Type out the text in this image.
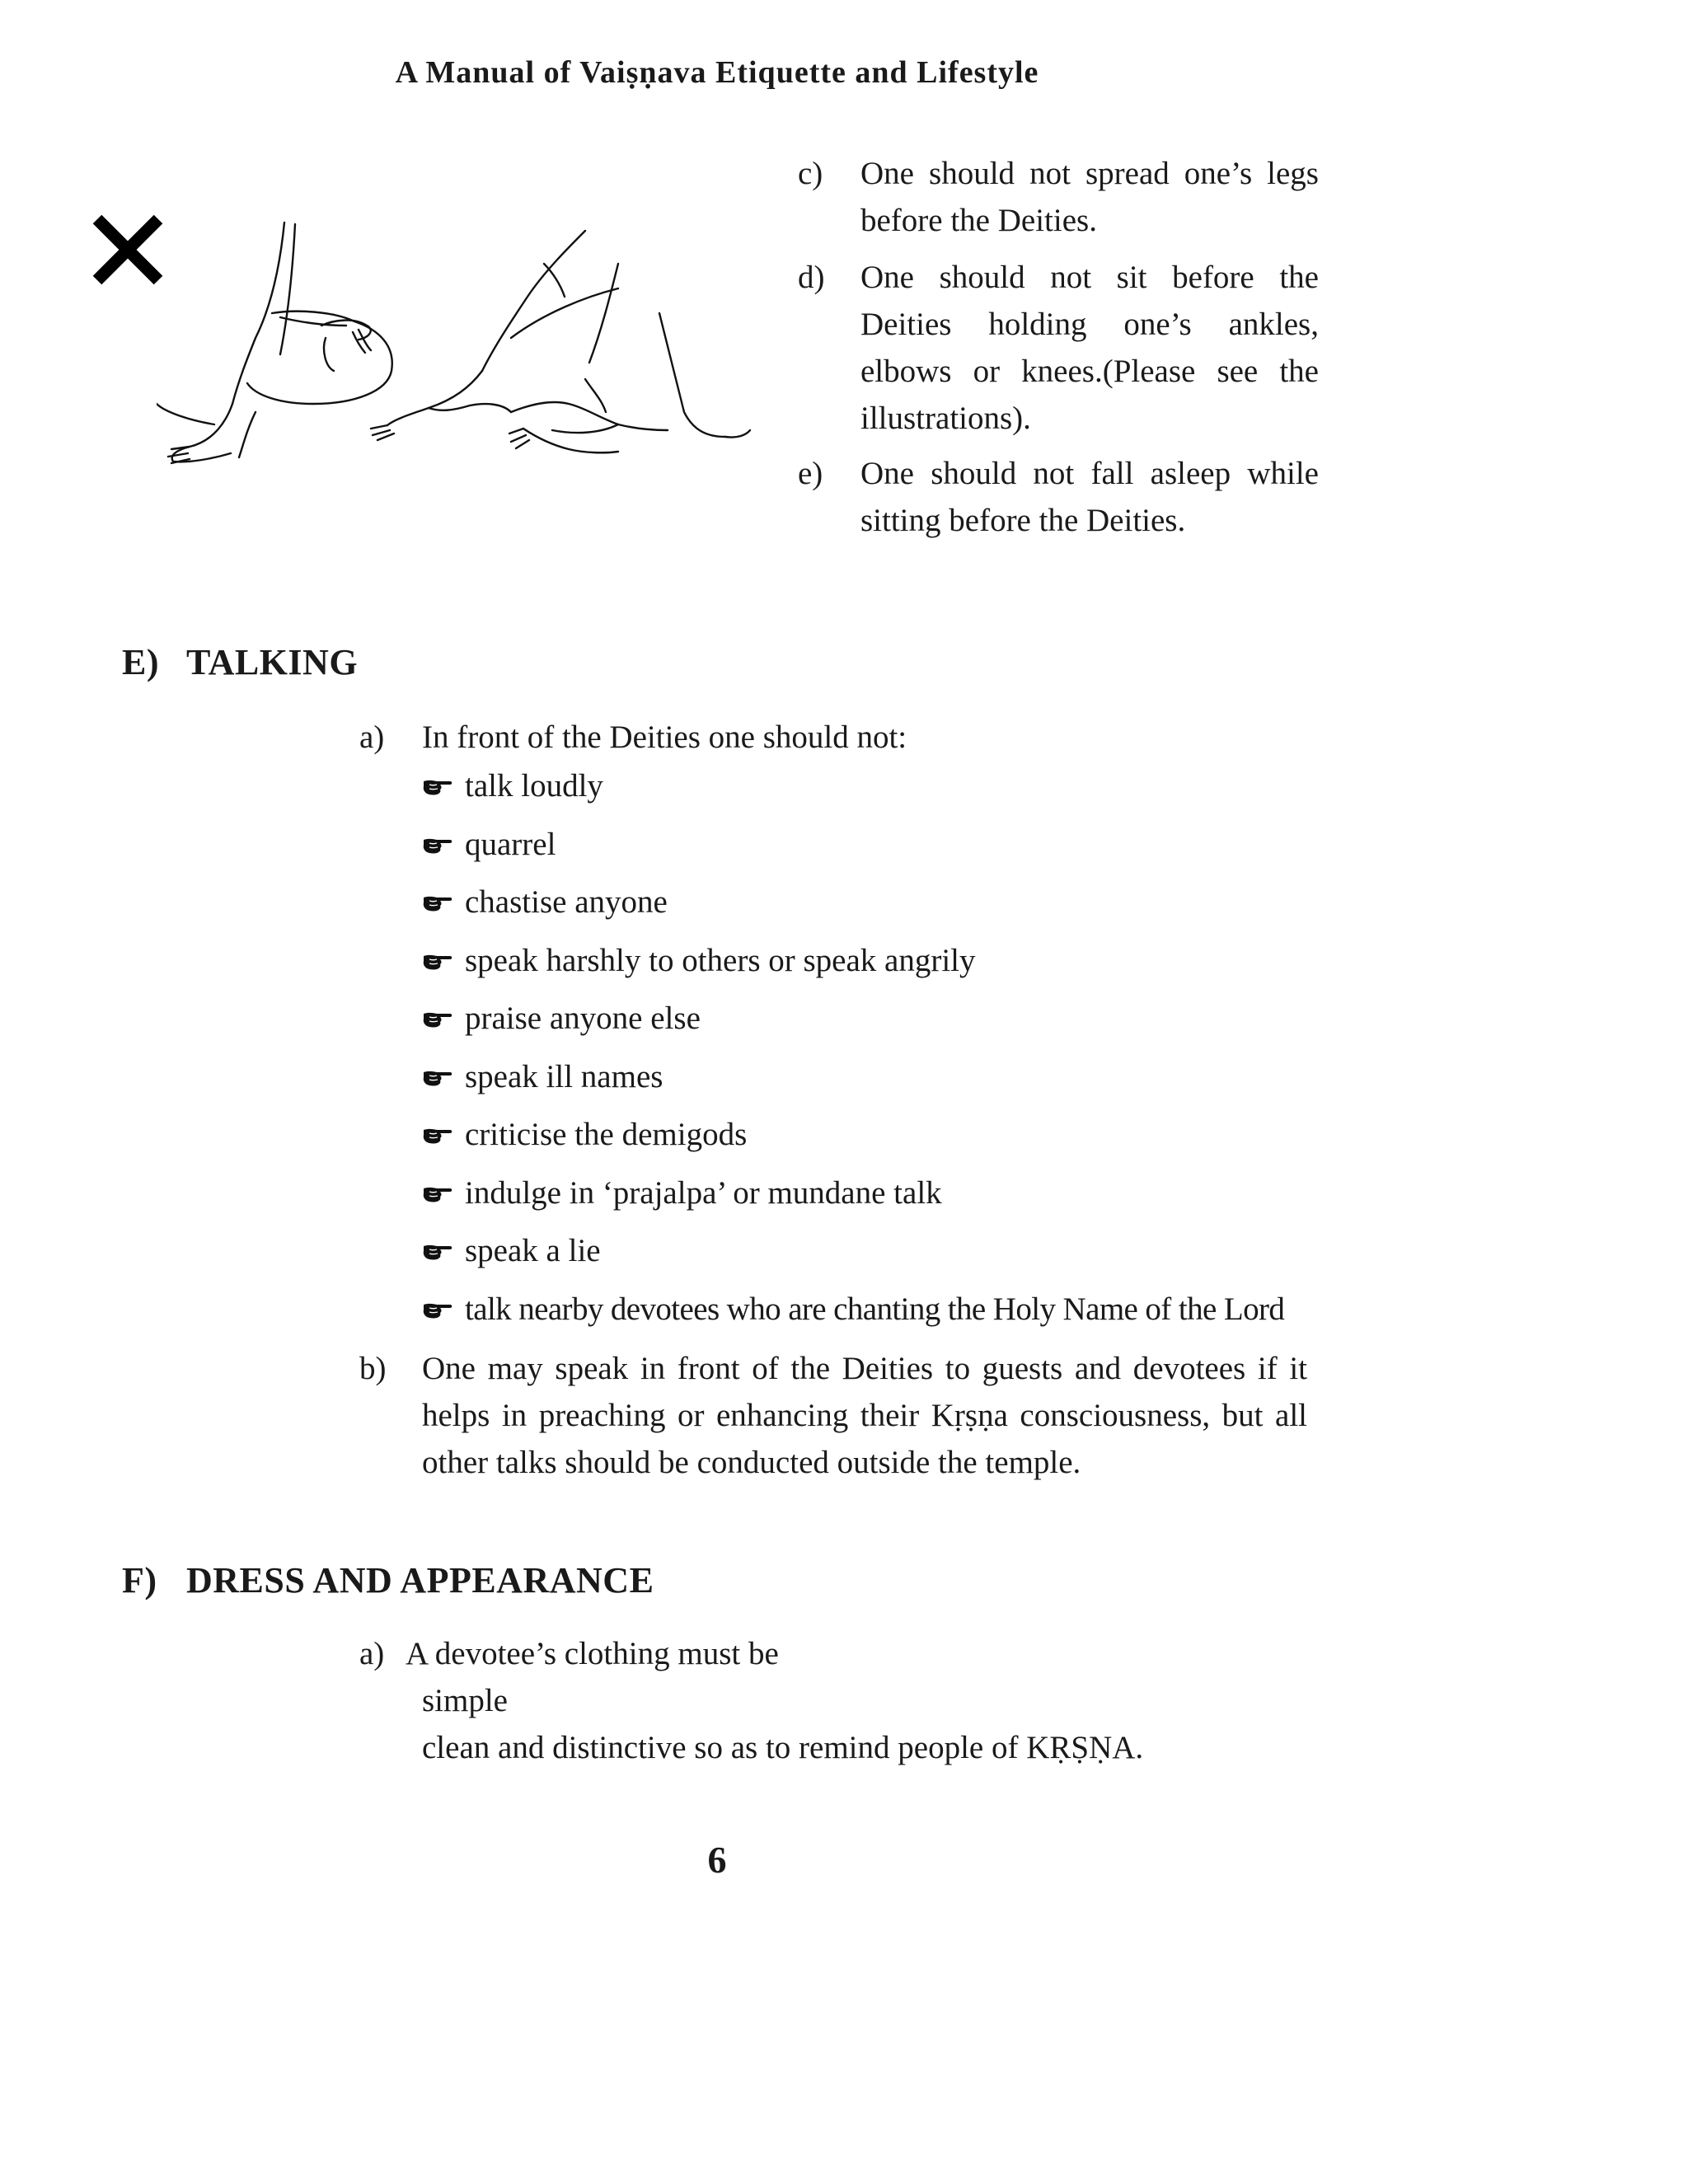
A Manual of Vaiṣṇava Etiquette and Lifestyle
c) One should not spread one’s legs before the Deities.
d) One should not sit before the Deities holding one’s ankles, elbows or knees.(Please see the illustrations).
e) One should not fall asleep while sitting before the Deities.
E) TALKING
a) In front of the Deities one should not:
talk loudly
quarrel
chastise anyone
speak harshly to others or speak angrily
praise anyone else
speak ill names
criticise the demigods
indulge in ‘prajalpa’ or mundane talk
speak a lie
talk nearby devotees who are chanting the Holy Name of the Lord
b) One may speak in front of the Deities to guests and devotees if it helps in preaching or enhancing their Kṛṣṇa consciousness, but all other talks should be conducted outside the temple.
F) DRESS AND APPEARANCE
a) A devotee’s clothing must be
simple
clean and distinctive so as to remind people of KṚṢṆA.
6
